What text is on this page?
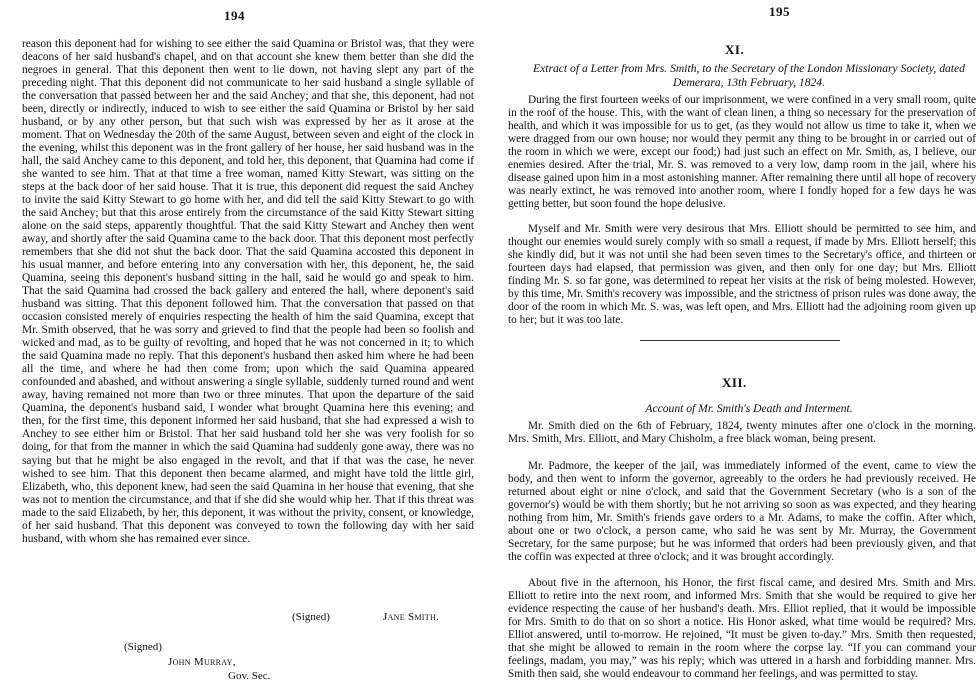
194

reason this deponent had for wishing to see either the said Quamina or Bristol was, that they were deacons of her said husband's chapel, and on that account she knew them better than she did the negroes in general. That this deponent then went to lie down, not having slept any part of the preceding night. That this deponent did not communicate to her said husband a single syllable of the conversation that passed between her and the said Anchey; and that she, this deponent, had not been, directly or indirectly, induced to wish to see either the said Quamina or Bristol by her said husband, or by any other person, but that such wish was expressed by her as it arose at the moment. That on Wednesday the 20th of the same August, between seven and eight of the clock in the evening, whilst this deponent was in the front gallery of her house, her said husband was in the hall, the said Anchey came to this deponent, and told her, this deponent, that Quamina had come if she wanted to see him. That at that time a free woman, named Kitty Stewart, was sitting on the steps at the back door of her said house. That it is true, this deponent did request the said Anchey to invite the said Kitty Stewart to go home with her, and did tell the said Kitty Stewart to go with the said Anchey; but that this arose entirely from the circumstance of the said Kitty Stewart sitting alone on the said steps, apparently thoughtful. That the said Kitty Stewart and Anchey then went away, and shortly after the said Quamina came to the back door. That this deponent most perfectly remembers that she did not shut the back door. That the said Quamina accosted this deponent in his usual manner, and before entering into any conversation with her, this deponent, he, the said Quamina, seeing this deponent's husband sitting in the hall, said he would go and speak to him. That the said Quamina had crossed the back gallery and entered the hall, where deponent's said husband was sitting. That this deponent followed him. That the conversation that passed on that occasion consisted merely of enquiries respecting the health of him the said Quamina, except that Mr. Smith observed, that he was sorry and grieved to find that the people had been so foolish and wicked and mad, as to be guilty of revolting, and hoped that he was not concerned in it; to which the said Quamina made no reply. That this deponent's husband then asked him where he had been all the time, and where he had then come from; upon which the said Quamina appeared confounded and abashed, and without answering a single syllable, suddenly turned round and went away, having remained not more than two or three minutes. That upon the departure of the said Quamina, the deponent's husband said, I wonder what brought Quamina here this evening; and then, for the first time, this deponent informed her said husband, that she had expressed a wish to Anchey to see either him or Bristol. That her said husband told her she was very foolish for so doing, for that from the manner in which the said Quamina had suddenly gone away, there was no saying but that he might be also engaged in the revolt, and that if that was the case, he never wished to see him. That this deponent then became alarmed, and might have told the little girl, Elizabeth, who, this deponent knew, had seen the said Quamina in her house that evening, that she was not to mention the circumstance, and that if she did she would whip her. That if this threat was made to the said Elizabeth, by her, this deponent, it was without the privity, consent, or knowledge, of her said husband. That this deponent was conveyed to town the following day with her said husband, with whom she has remained ever since.

(Signed)	Jane Smith.
(Signed)
John Murray,
Gov. Sec.
195
XI.

Extract of a Letter from Mrs. Smith, to the Secretary of the London Missionary Society, dated Demerara, 13th February, 1824.

During the first fourteen weeks of our imprisonment, we were confined in a very small room, quite in the roof of the house. This, with the want of clean linen, a thing so necessary for the preservation of health, and which it was impossible for us to get, (as they would not allow us time to take it, when we were dragged from our own house; nor would they permit any thing to be brought in or carried out of the room in which we were, except our food;) had just such an effect on Mr. Smith, as, I believe, our enemies desired. After the trial, Mr. S. was removed to a very low, damp room in the jail, where his disease gained upon him in a most astonishing manner. After remaining there until all hope of recovery was nearly extinct, he was removed into another room, where I fondly hoped for a few days he was getting better, but soon found the hope delusive.

Myself and Mr. Smith were very desirous that Mrs. Elliott should be permitted to see him, and thought our enemies would surely comply with so small a request, if made by Mrs. Elliott herself; this she kindly did, but it was not until she had been seven times to the Secretary's office, and thirteen or fourteen days had elapsed, that permission was given, and then only for one day; but Mrs. Elliott finding Mr. S. so far gone, was determined to repeat her visits at the risk of being molested. However, by this time, Mr. Smith's recovery was impossible, and the strictness of prison rules was done away, the door of the room in which Mr. S. was, was left open, and Mrs. Elliott had the adjoining room given up to her; but it was too late.

XII.

Account of Mr. Smith's Death and Interment.

Mr. Smith died on the 6th of February, 1824, twenty minutes after one o'clock in the morning. Mrs. Smith, Mrs. Elliott, and Mary Chisholm, a free black woman, being present.

Mr. Padmore, the keeper of the jail, was immediately informed of the event, came to view the body, and then went to inform the governor, agreeably to the orders he had previously received. He returned about eight or nine o'clock, and said that the Government Secretary (who is a son of the governor's) would be with them shortly; but he not arriving so soon as was expected, and they hearing nothing from him, Mr. Smith's friends gave orders to a Mr. Adams, to make the coffin. After which, about one or two o'clock, a person came, who said he was sent by Mr. Murray, the Government Secretary, for the same purpose; but he was informed that orders had been previously given, and that the coffin was expected at three o'clock; and it was brought accordingly.

About five in the afternoon, his Honor, the first fiscal came, and desired Mrs. Smith and Mrs. Elliott to retire into the next room, and informed Mrs. Smith that she would be required to give her evidence respecting the cause of her husband's death. Mrs. Elliot replied, that it would be impossible for Mrs. Smith to do that on so short a notice. His Honor asked, what time would be required? Mrs. Elliot answered, until to-morrow. He rejoined, “It must be given to-day.” Mrs. Smith then requested, that she might be allowed to remain in the room where the corpse lay. “If you can command your feelings, madam, you may,” was his reply; which was uttered in a harsh and forbidding manner. Mrs. Smith then said, she would endeavour to command her feelings, and was permitted to stay.
